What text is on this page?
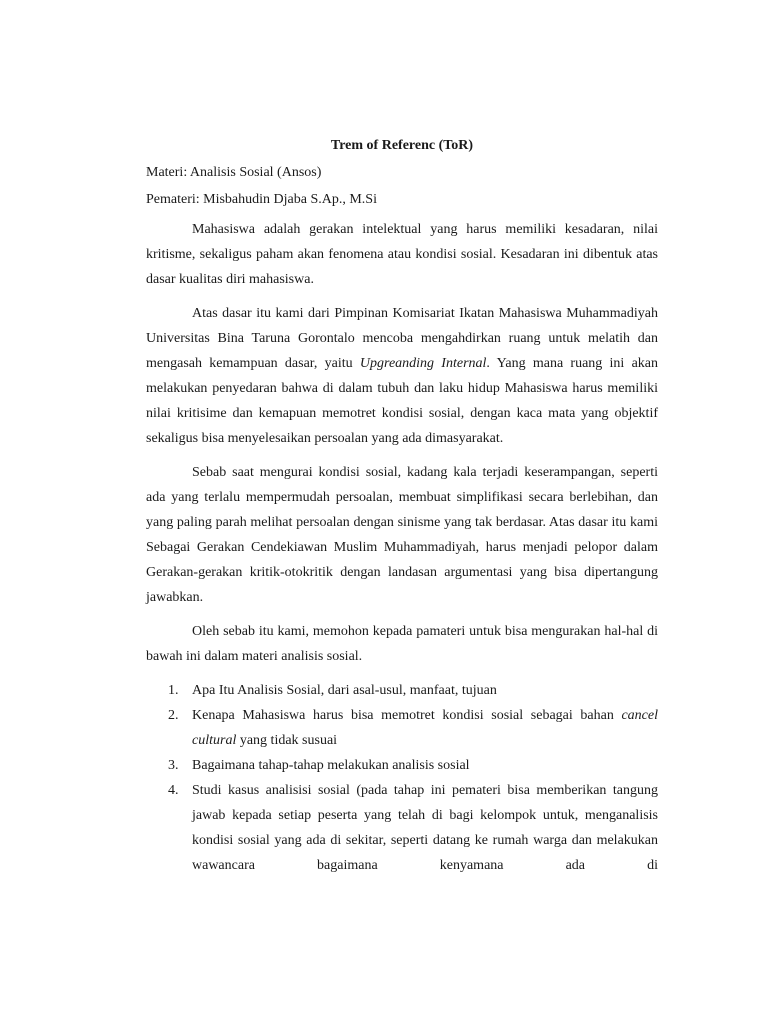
Trem of Referenc (ToR)
Materi: Analisis Sosial (Ansos)
Pemateri: Misbahudin Djaba S.Ap., M.Si

Mahasiswa adalah gerakan intelektual yang harus memiliki kesadaran, nilai kritisme, sekaligus paham akan fenomena atau kondisi sosial. Kesadaran ini dibentuk atas dasar kualitas diri mahasiswa.

Atas dasar itu kami dari Pimpinan Komisariat Ikatan Mahasiswa Muhammadiyah Universitas Bina Taruna Gorontalo mencoba mengahdirkan ruang untuk melatih dan mengasah kemampuan dasar, yaitu Upgreanding Internal. Yang mana ruang ini akan melakukan penyedaran bahwa di dalam tubuh dan laku hidup Mahasiswa harus memiliki nilai kritisime dan kemapuan memotret kondisi sosial, dengan kaca mata yang objektif sekaligus bisa menyelesaikan persoalan yang ada dimasyarakat.

Sebab saat mengurai kondisi sosial, kadang kala terjadi keserampangan, seperti ada yang terlalu mempermudah persoalan, membuat simplifikasi secara berlebihan, dan yang paling parah melihat persoalan dengan sinisme yang tak berdasar. Atas dasar itu kami Sebagai Gerakan Cendekiawan Muslim Muhammadiyah, harus menjadi pelopor dalam Gerakan-gerakan kritik-otokritik dengan landasan argumentasi yang bisa dipertangung jawabkan.

Oleh sebab itu kami, memohon kepada pamateri untuk bisa mengurakan hal-hal di bawah ini dalam materi analisis sosial.

1. Apa Itu Analisis Sosial, dari asal-usul, manfaat, tujuan
2. Kenapa Mahasiswa harus bisa memotret kondisi sosial sebagai bahan cancel cultural yang tidak susuai
3. Bagaimana tahap-tahap melakukan analisis sosial
4. Studi kasus analisisi sosial (pada tahap ini pemateri bisa memberikan tangung jawab kepada setiap peserta yang telah di bagi kelompok untuk, menganalisis kondisi sosial yang ada di sekitar, seperti datang ke rumah warga dan melakukan wawancara bagaimana kenyamana ada di
